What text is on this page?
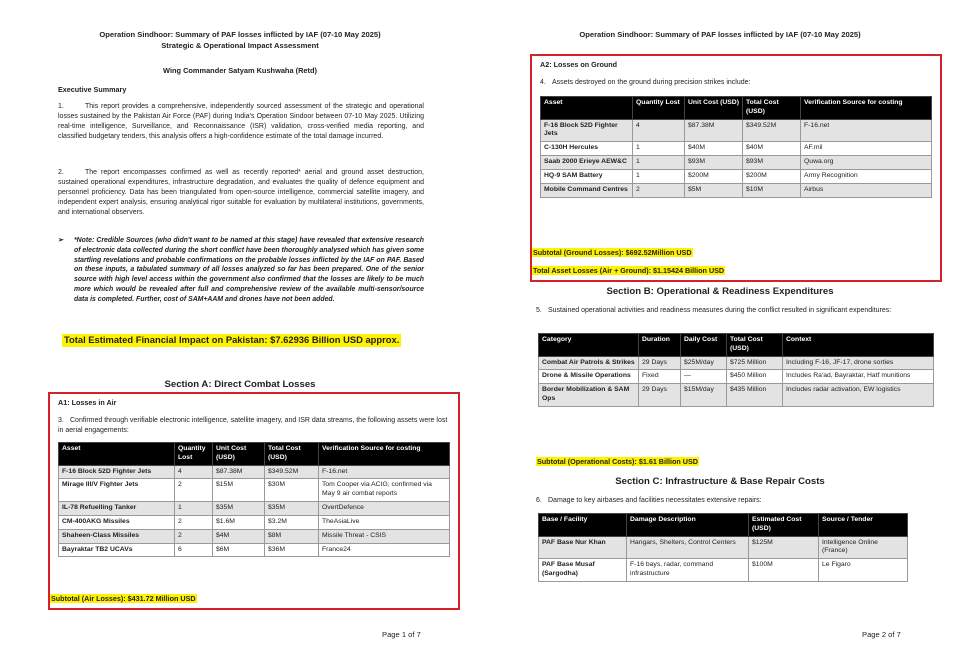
Operation Sindhoor: Summary of PAF losses inflicted by IAF (07-10 May 2025)
Strategic & Operational Impact Assessment
Wing Commander Satyam Kushwaha (Retd)
Executive Summary
1.	This report provides a comprehensive, independently sourced assessment of the strategic and operational losses sustained by the Pakistan Air Force (PAF) during India's Operation Sindoor between 07-10 May 2025. Utilizing real-time intelligence, Surveillance, and Reconnaissance (ISR) validation, cross-verified media reporting, and classified budgetary tenders, this analysis offers a high-confidence estimate of the total damage incurred.
2.	The report encompasses confirmed as well as recently reported* aerial and ground asset destruction, sustained operational expenditures, infrastructure degradation, and evaluates the quality of defence equipment and personnel proficiency. Data has been triangulated from open-source intelligence, commercial satellite imagery, and independent expert analysis, ensuring analytical rigor suitable for evaluation by multilateral institutions, governments, and international observers.
➢	*Note: Credible Sources (who didn't want to be named at this stage) have revealed that extensive research of electronic data collected during the short conflict have been thoroughly analysed which has given some startling revelations and probable confirmations on the probable losses inflicted by the IAF on PAF. Based on these inputs, a tabulated summary of all losses analyzed so far has been prepared. One of the senior source with high level access within the government also confirmed that the losses are likely to be much more which would be revealed after full and comprehensive review of the available multi-sensor/source data is completed. Further, cost of SAM+AAM and drones have not been added.
Total Estimated Financial Impact on Pakistan: $7.62936 Billion USD approx.
Section A: Direct Combat Losses
A1: Losses in Air
3. Confirmed through verifiable electronic intelligence, satellite imagery, and ISR data streams, the following assets were lost in aerial engagements:
Asset	Quantity Lost	Unit Cost (USD)	Total Cost (USD)	Verification Source for costing
F-16 Block 52D Fighter Jets	4	$87.38M	$349.52M	F-16.net
Mirage III/V Fighter Jets	2	$15M	$30M	Tom Cooper via ACIG; confirmed via May 9 air combat reports
IL-78 Refuelling Tanker	1	$35M	$35M	OvertDefence
CM-400AKG Missiles	2	$1.6M	$3.2M	TheAsiaLive
Shaheen-Class Missiles	2	$4M	$8M	Missile Threat - CSIS
Bayraktar TB2 UCAVs	6	$6M	$36M	France24
Subtotal (Air Losses): $431.72 Million USD
Page 1 of 7
Operation Sindhoor: Summary of PAF losses inflicted by IAF (07-10 May 2025)
A2: Losses on Ground
4. Assets destroyed on the ground during precision strikes include:
Asset	Quantity Lost	Unit Cost (USD)	Total Cost (USD)	Verification Source for costing
F-16 Block 52D Fighter Jets	4	$87.38M	$349.52M	F-16.net
C-130H Hercules	1	$40M	$40M	AF.mil
Saab 2000 Erieye AEW&C	1	$93M	$93M	Quwa.org
HQ-9 SAM Battery	1	$200M	$200M	Army Recognition
Mobile Command Centres	2	$5M	$10M	Airbus
Subtotal (Ground Losses): $692.52Million USD
Total Asset Losses (Air + Ground): $1.15424 Billion USD
Section B: Operational & Readiness Expenditures
5. Sustained operational activities and readiness measures during the conflict resulted in significant expenditures:
Category	Duration	Daily Cost	Total Cost (USD)	Context
Combat Air Patrols & Strikes	29 Days	$25M/day	$725 Million	Including F-16, JF-17, drone sorties
Drone & Missile Operations	Fixed	—	$450 Million	Includes Ra'ad, Bayraktar, Hatf munitions
Border Mobilization & SAM Ops	29 Days	$15M/day	$435 Million	Includes radar activation, EW logistics
Subtotal (Operational Costs): $1.61 Billion USD
Section C: Infrastructure & Base Repair Costs
6. Damage to key airbases and facilities necessitates extensive repairs:
Base / Facility	Damage Description	Estimated Cost (USD)	Source / Tender
PAF Base Nur Khan	Hangars, Shelters, Control Centers	$125M	Intelligence Online (France)
PAF Base Musaf (Sargodha)	F-16 bays, radar, command infrastructure	$100M	Le Figaro
Page 2 of 7
